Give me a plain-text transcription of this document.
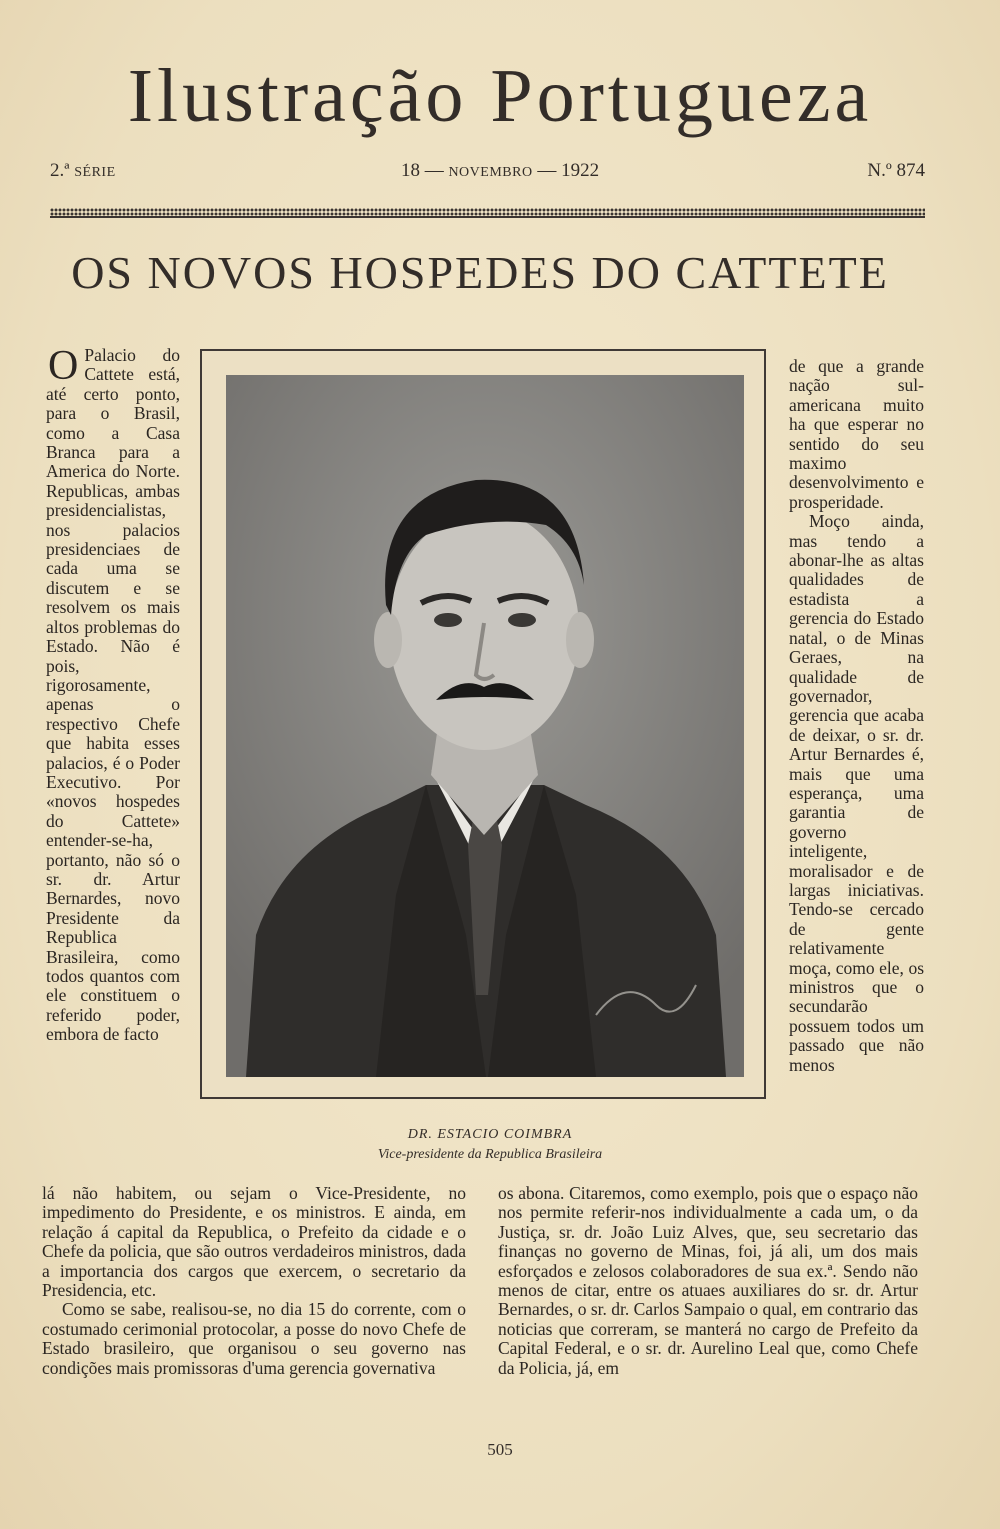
Ilustração Portugueza
2.ª SÉRIE	18 — NOVEMBRO — 1922	N.º 874
OS NOVOS HOSPEDES DO CATTETE
O Palacio do Cattete está, até certo ponto, para o Brasil, como a Casa Branca para a America do Norte. Republicas, ambas presidencialistas, nos palacios presidenciaes de cada uma se discutem e se resolvem os mais altos problemas do Estado. Não é pois, rigorosamente, apenas o respectivo Chefe que habita esses palacios, é o Poder Executivo. Por «novos hospedes do Cattete» entender-se-ha, portanto, não só o sr. dr. Artur Bernardes, novo Presidente da Republica Brasileira, como todos quantos com ele constituem o referido poder, embora de facto
DR. ESTACIO COIMBRA
Vice-presidente da Republica Brasileira

de que a grande nação sul-americana muito ha que esperar no sentido do seu maximo desenvolvimento e prosperidade.

Moço ainda, mas tendo a abonar-lhe as altas qualidades de estadista a gerencia do Estado natal, o de Minas Geraes, na qualidade de governador, gerencia que acaba de deixar, o sr. dr. Artur Bernardes é, mais que uma esperança, uma garantia de governo inteligente, moralisador e de largas iniciativas. Tendo-se cercado de gente relativamente moça, como ele, os ministros que o secundarão possuem todos um passado que não menos

lá não habitem, ou sejam o Vice-Presidente, no impedimento do Presidente, e os ministros. E ainda, em relação á capital da Republica, o Prefeito da cidade e o Chefe da policia, que são outros verdadeiros ministros, dada a importancia dos cargos que exercem, o secretario da Presidencia, etc.

Como se sabe, realisou-se, no dia 15 do corrente, com o costumado cerimonial protocolar, a posse do novo Chefe de Estado brasileiro, que organisou o seu governo nas condições mais promissoras d'uma gerencia governativa

os abona. Citaremos, como exemplo, pois que o espaço não nos permite referir-nos individualmente a cada um, o da Justiça, sr. dr. João Luiz Alves, que, seu secretario das finanças no governo de Minas, foi, já ali, um dos mais esforçados e zelosos colaboradores de sua ex.ª. Sendo não menos de citar, entre os atuaes auxiliares do sr. dr. Artur Bernardes, o sr. dr. Carlos Sampaio o qual, em contrario das noticias que correram, se manterá no cargo de Prefeito da Capital Federal, e o sr. dr. Aurelino Leal que, como Chefe da Policia, já, em

505
